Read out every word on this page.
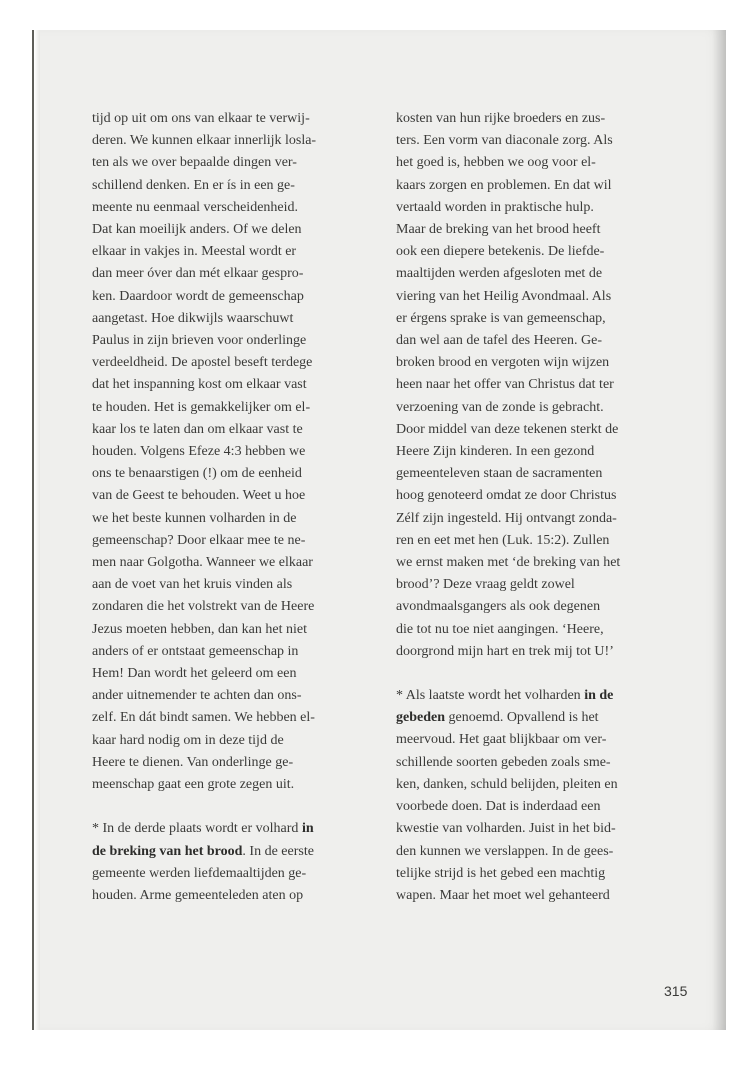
tijd op uit om ons van elkaar te verwij-
deren. We kunnen elkaar innerlijk losla-
ten als we over bepaalde dingen ver-
schillend denken. En er ís in een ge-
meente nu eenmaal verscheidenheid.
Dat kan moeilijk anders. Of we delen
elkaar in vakjes in. Meestal wordt er
dan meer óver dan mét elkaar gespro-
ken. Daardoor wordt de gemeenschap
aangetast. Hoe dikwijls waarschuwt
Paulus in zijn brieven voor onderlinge
verdeeldheid. De apostel beseft terdege
dat het inspanning kost om elkaar vast
te houden. Het is gemakkelijker om el-
kaar los te laten dan om elkaar vast te
houden. Volgens Efeze 4:3 hebben we
ons te benaarstigen (!) om de eenheid
van de Geest te behouden. Weet u hoe
we het beste kunnen volharden in de
gemeenschap? Door elkaar mee te ne-
men naar Golgotha. Wanneer we elkaar
aan de voet van het kruis vinden als
zondaren die het volstrekt van de Heere
Jezus moeten hebben, dan kan het niet
anders of er ontstaat gemeenschap in
Hem! Dan wordt het geleerd om een
ander uitnemender te achten dan ons-
zelf. En dát bindt samen. We hebben el-
kaar hard nodig om in deze tijd de
Heere te dienen. Van onderlinge ge-
meenschap gaat een grote zegen uit.
* In de derde plaats wordt er volhard in
de breking van het brood. In de eerste
gemeente werden liefdemaaltijden ge-
houden. Arme gemeenteleden aten op
kosten van hun rijke broeders en zus-
ters. Een vorm van diaconale zorg. Als
het goed is, hebben we oog voor el-
kaars zorgen en problemen. En dat wil
vertaald worden in praktische hulp.
Maar de breking van het brood heeft
ook een diepere betekenis. De liefde-
maaltijden werden afgesloten met de
viering van het Heilig Avondmaal. Als
er érgens sprake is van gemeenschap,
dan wel aan de tafel des Heeren. Ge-
broken brood en vergoten wijn wijzen
heen naar het offer van Christus dat ter
verzoening van de zonde is gebracht.
Door middel van deze tekenen sterkt de
Heere Zijn kinderen. In een gezond
gemeenteleven staan de sacramenten
hoog genoteerd omdat ze door Christus
Zélf zijn ingesteld. Hij ontvangt zonda-
ren en eet met hen (Luk. 15:2). Zullen
we ernst maken met ‘de breking van het
brood’? Deze vraag geldt zowel
avondmaalsgangers als ook degenen
die tot nu toe niet aangingen. ‘Heere,
doorgrond mijn hart en trek mij tot U!’
* Als laatste wordt het volharden in de
gebeden genoemd. Opvallend is het
meervoud. Het gaat blijkbaar om ver-
schillende soorten gebeden zoals sme-
ken, danken, schuld belijden, pleiten en
voorbede doen. Dat is inderdaad een
kwestie van volharden. Juist in het bid-
den kunnen we verslappen. In de gees-
telijke strijd is het gebed een machtig
wapen. Maar het moet wel gehanteerd
315
